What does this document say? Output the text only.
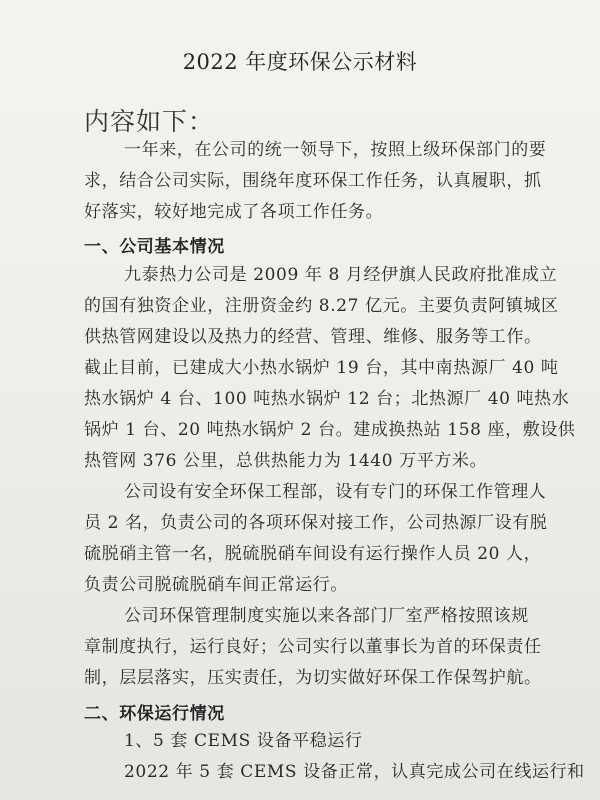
2022 年度环保公示材料
内容如下：
一年来，在公司的统一领导下，按照上级环保部门的要
求，结合公司实际，围绕年度环保工作任务，认真履职，抓
好落实，较好地完成了各项工作任务。
一、公司基本情况
九泰热力公司是 2009 年 8 月经伊旗人民政府批准成立
的国有独资企业，注册资金约 8.27 亿元。主要负责阿镇城区
供热管网建设以及热力的经营、管理、维修、服务等工作。
截止目前，已建成大小热水锅炉 19 台，其中南热源厂 40 吨
热水锅炉 4 台、100 吨热水锅炉 12 台；北热源厂 40 吨热水
锅炉 1 台、20 吨热水锅炉 2 台。建成换热站 158 座，敷设供
热管网 376 公里，总供热能力为 1440 万平方米。
公司设有安全环保工程部，设有专门的环保工作管理人
员 2 名，负责公司的各项环保对接工作，公司热源厂设有脱
硫脱硝主管一名，脱硫脱硝车间设有运行操作人员 20 人，
负责公司脱硫脱硝车间正常运行。
公司环保管理制度实施以来各部门厂室严格按照该规
章制度执行，运行良好；公司实行以董事长为首的环保责任
制，层层落实，压实责任，为切实做好环保工作保驾护航。
二、环保运行情况
1、5 套 CEMS 设备平稳运行
2022 年 5 套 CEMS 设备正常，认真完成公司在线运行和
